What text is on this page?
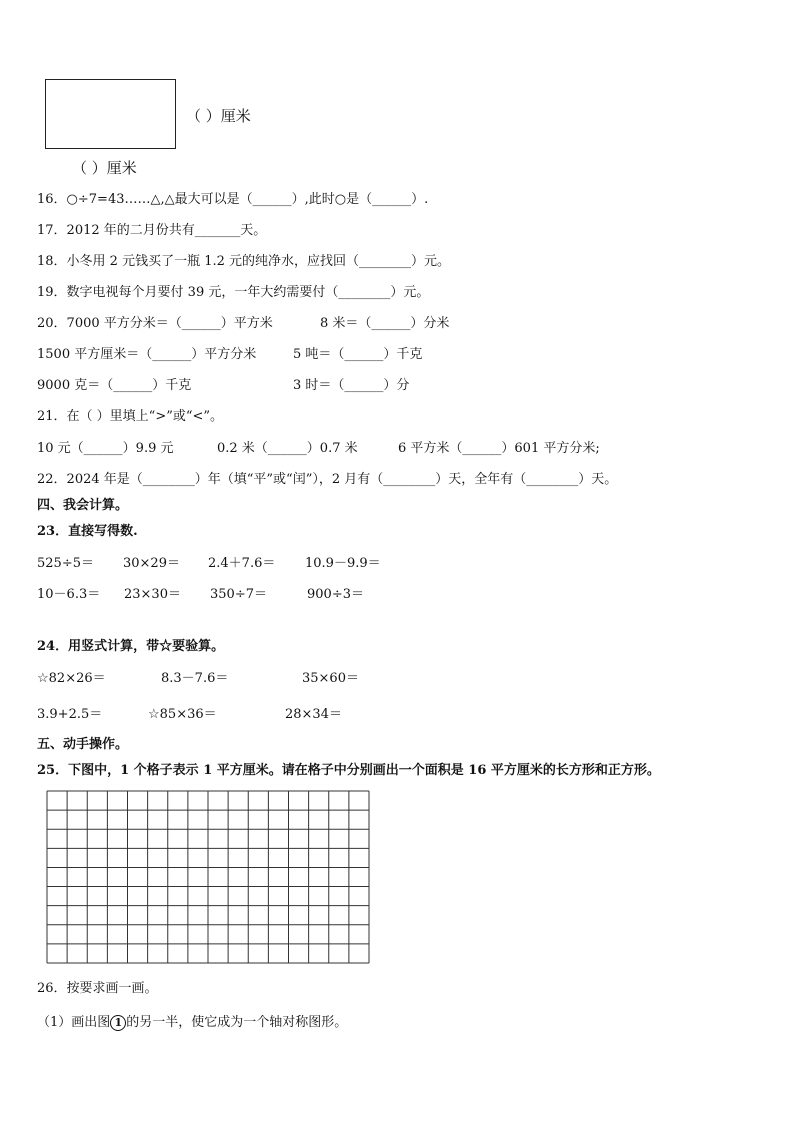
（ ）厘米
（ ）厘米
16．○÷7=43……△,△最大可以是（______）,此时○是（______）.
17．2012 年的二月份共有_______天。
18．小冬用 2 元钱买了一瓶 1.2 元的纯净水，应找回（________）元。
19．数字电视每个月要付 39 元，一年大约需要付（________）元。
20．7000 平方分米＝（______）平方米	8 米＝（______）分米
1500 平方厘米＝（______）平方分米	5 吨＝（______）千克
9000 克＝（______）千克	3 时＝（______）分
21．在（ ）里填上“>”或“<”。
10 元（______）9.9 元	0.2 米（______）0.7 米	6 平方米（______）601 平方分米;
22．2024 年是（________）年（填“平”或“闰”），2 月有（________）天，全年有（________）天。
四、我会计算。
23．直接写得数.
525÷5＝ 30×29＝ 2.4＋7.6＝ 10.9－9.9＝
10－6.3＝ 23×30＝ 350÷7＝	900÷3＝
24．用竖式计算，带☆要验算。
☆82×26＝	8.3－7.6＝	35×60＝
3.9+2.5＝	☆85×36＝	28×34＝
五、动手操作。
25．下图中，1 个格子表示 1 平方厘米。请在格子中分别画出一个面积是 16 平方厘米的长方形和正方形。
26．按要求画一画。
（1）画出图 1 的另一半，使它成为一个轴对称图形。
